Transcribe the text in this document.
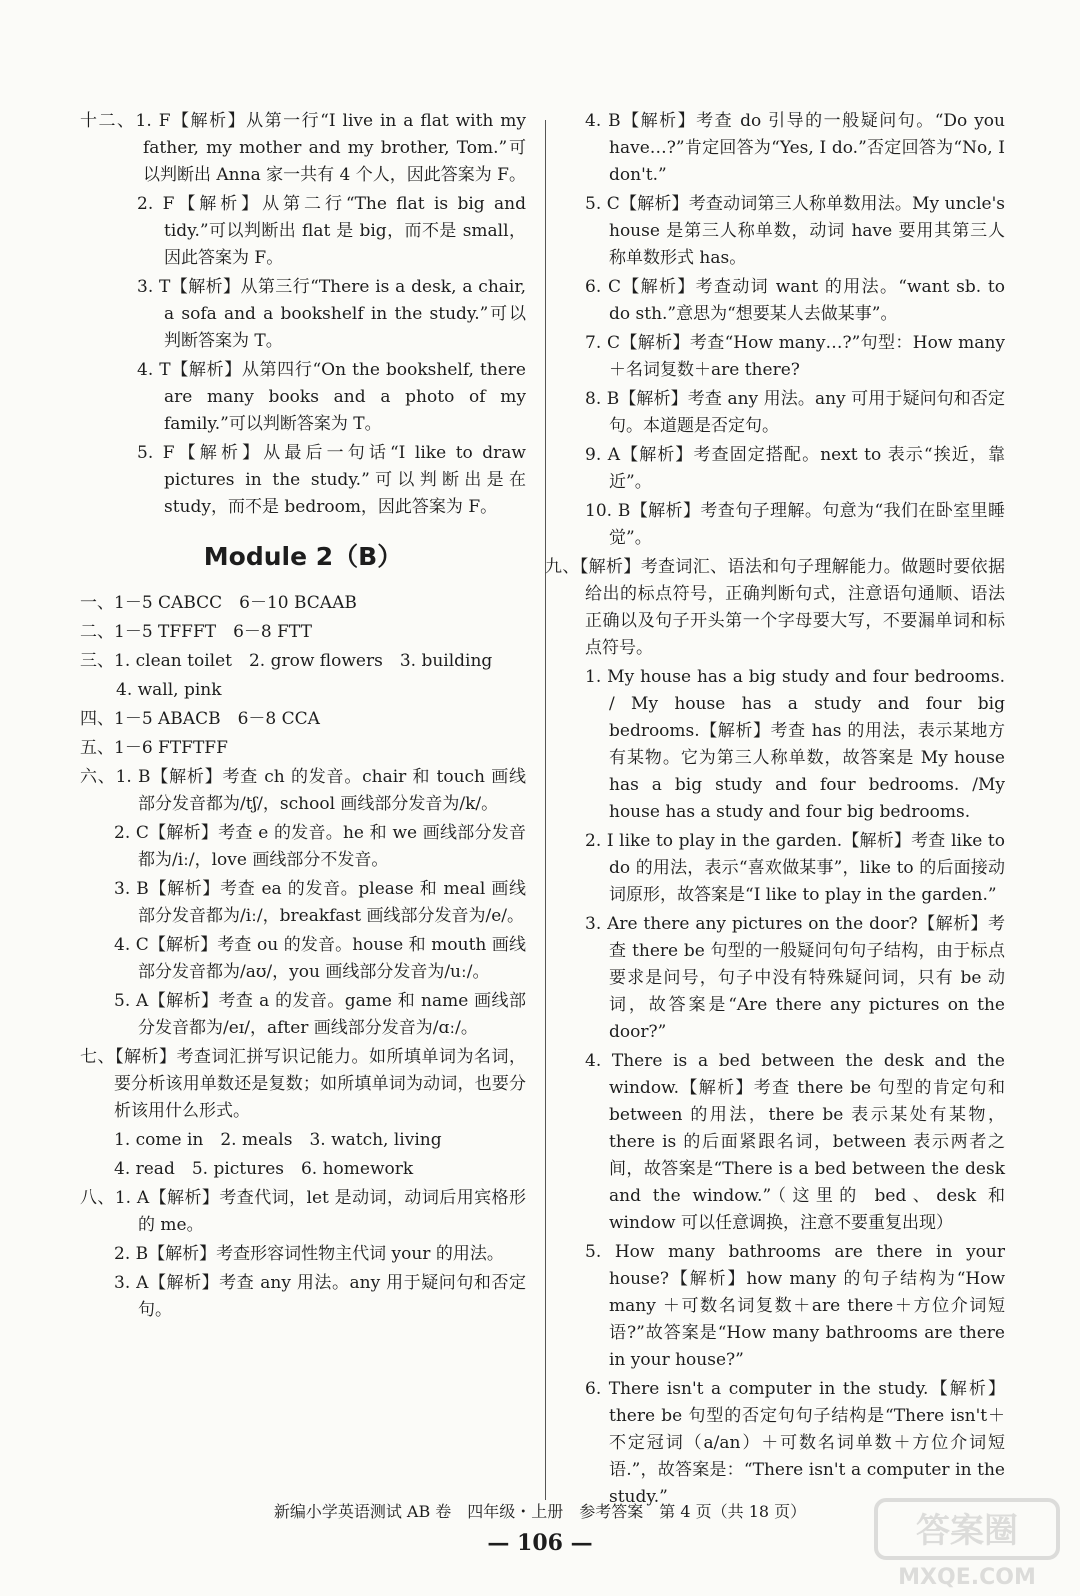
十二、1. F【解析】从第一行“I live in a flat with my father, my mother and my brother, Tom.”可以判断出 Anna 家一共有 4 个人，因此答案为 F。

2. F【解析】从第二行“The flat is big and tidy.”可以判断出 flat 是 big，而不是 small，因此答案为 F。

3. T【解析】从第三行“There is a desk, a chair, a sofa and a bookshelf in the study.”可以判断答案为 T。

4. T【解析】从第四行“On the bookshelf, there are many books and a photo of my family.”可以判断答案为 T。

5. F【解析】从最后一句话“I like to draw pictures in the study.”可以判断出是在 study，而不是 bedroom，因此答案为 F。

Module 2（B）

一、1－5 CABCC　6－10 BCAAB

二、1－5 TFFFT　6－8 FTT

三、1. clean toilet　2. grow flowers　3. building

4. wall, pink

四、1－5 ABACB　6－8 CCA

五、1－6 FTFTFF

六、1. B【解析】考查 ch 的发音。chair 和 touch 画线部分发音都为/tʃ/，school 画线部分发音为/k/。

2. C【解析】考查 e 的发音。he 和 we 画线部分发音都为/iː/，love 画线部分不发音。

3. B【解析】考查 ea 的发音。please 和 meal 画线部分发音都为/iː/，breakfast 画线部分发音为/e/。

4. C【解析】考查 ou 的发音。house 和 mouth 画线部分发音都为/aʊ/，you 画线部分发音为/uː/。

5. A【解析】考查 a 的发音。game 和 name 画线部分发音都为/eɪ/，after 画线部分发音为/ɑː/。

七、【解析】考查词汇拼写识记能力。如所填单词为名词，要分析该用单数还是复数；如所填单词为动词，也要分析该用什么形式。

1. come in　2. meals　3. watch, living

4. read　5. pictures　6. homework

八、1. A【解析】考查代词，let 是动词，动词后用宾格形的 me。

2. B【解析】考查形容词性物主代词 your 的用法。

3. A【解析】考查 any 用法。any 用于疑问句和否定句。

4. B【解析】考查 do 引导的一般疑问句。“Do you have…?”肯定回答为“Yes, I do.”否定回答为“No, I don't.”

5. C【解析】考查动词第三人称单数用法。My uncle's house 是第三人称单数，动词 have 要用其第三人称单数形式 has。

6. C【解析】考查动词 want 的用法。“want sb. to do sth.”意思为“想要某人去做某事”。

7. C【解析】考查“How many…?”句型：How many ＋名词复数＋are there?

8. B【解析】考查 any 用法。any 可用于疑问句和否定句。本道题是否定句。

9. A【解析】考查固定搭配。next to 表示“挨近，靠近”。

10. B【解析】考查句子理解。句意为“我们在卧室里睡觉”。

九、【解析】考查词汇、语法和句子理解能力。做题时要依据给出的标点符号，正确判断句式，注意语句通顺、语法正确以及句子开头第一个字母要大写，不要漏单词和标点符号。

1. My house has a big study and four bedrooms. / My house has a study and four big bedrooms.【解析】考查 has 的用法，表示某地方有某物。它为第三人称单数，故答案是 My house has a big study and four bedrooms. /My house has a study and four big bedrooms.

2. I like to play in the garden.【解析】考查 like to do 的用法，表示“喜欢做某事”，like to 的后面接动词原形，故答案是“I like to play in the garden.”

3. Are there any pictures on the door?【解析】考查 there be 句型的一般疑问句句子结构，由于标点要求是问号，句子中没有特殊疑问词，只有 be 动词，故答案是“Are there any pictures on the door?”

4. There is a bed between the desk and the window.【解析】考查 there be 句型的肯定句和 between 的用法，there be 表示某处有某物，there is 的后面紧跟名词，between 表示两者之间，故答案是“There is a bed between the desk and the window.”（这里的 bed、desk 和 window 可以任意调换，注意不要重复出现）

5. How many bathrooms are there in your house?【解析】how many 的句子结构为“How many ＋可数名词复数＋are there＋方位介词短语?”故答案是“How many bathrooms are there in your house?”

6. There isn't a computer in the study.【解析】there be 句型的否定句句子结构是“There isn't＋不定冠词（a/an）＋可数名词单数＋方位介词短语.”，故答案是：“There isn't a computer in the study.”

新编小学英语测试 AB 卷　四年级・上册　参考答案　第 4 页（共 18 页）
— 106 —	答案圈
MXQE.COM
